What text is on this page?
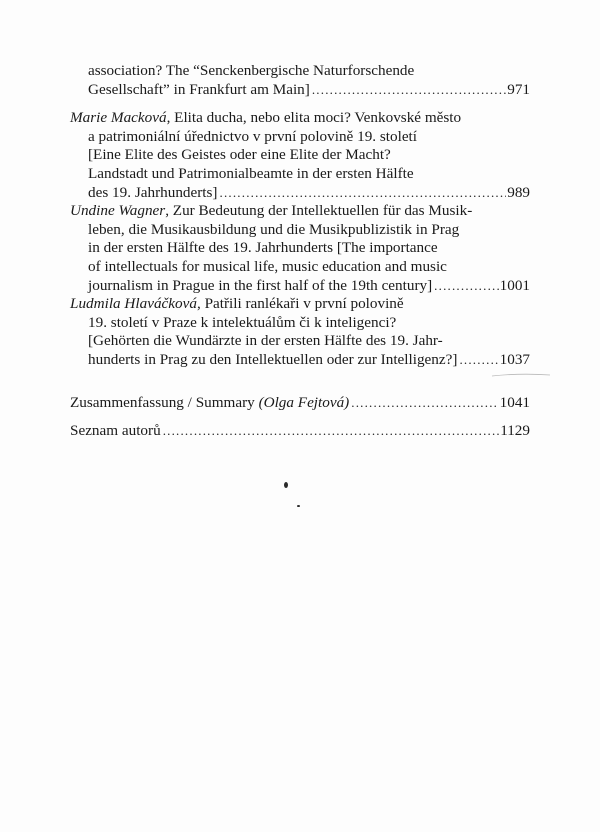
association? The “Senckenbergische Naturforschende
Gesellschaft” in Frankfurt am Main] .....	971
Marie Macková, Elita ducha, nebo elita moci? Venkovské město
a patrimoniální úřednictvo v první polovině 19. století
[Eine Elite des Geistes oder eine Elite der Macht?
Landstadt und Patrimonialbeamte in der ersten Hälfte
des 19. Jahrhunderts] .....	989
Undine Wagner, Zur Bedeutung der Intellektuellen für das Musik-
leben, die Musikausbildung und die Musikpublizistik in Prag
in der ersten Hälfte des 19. Jahrhunderts [The importance
of intellectuals for musical life, music education and music
journalism in Prague in the first half of the 19th century] .....	1001
Ludmila Hlaváčková, Patřili ranlékaři v první polovině
19. století v Praze k intelektuálům či k inteligenci?
[Gehörten die Wundärzte in der ersten Hälfte des 19. Jahr-
hunderts in Prag zu den Intellektuellen oder zur Intelligenz?] .....	1037
Zusammenfassung / Summary (Olga Fejtová) .....	1041
Seznam autorů .....	1129
